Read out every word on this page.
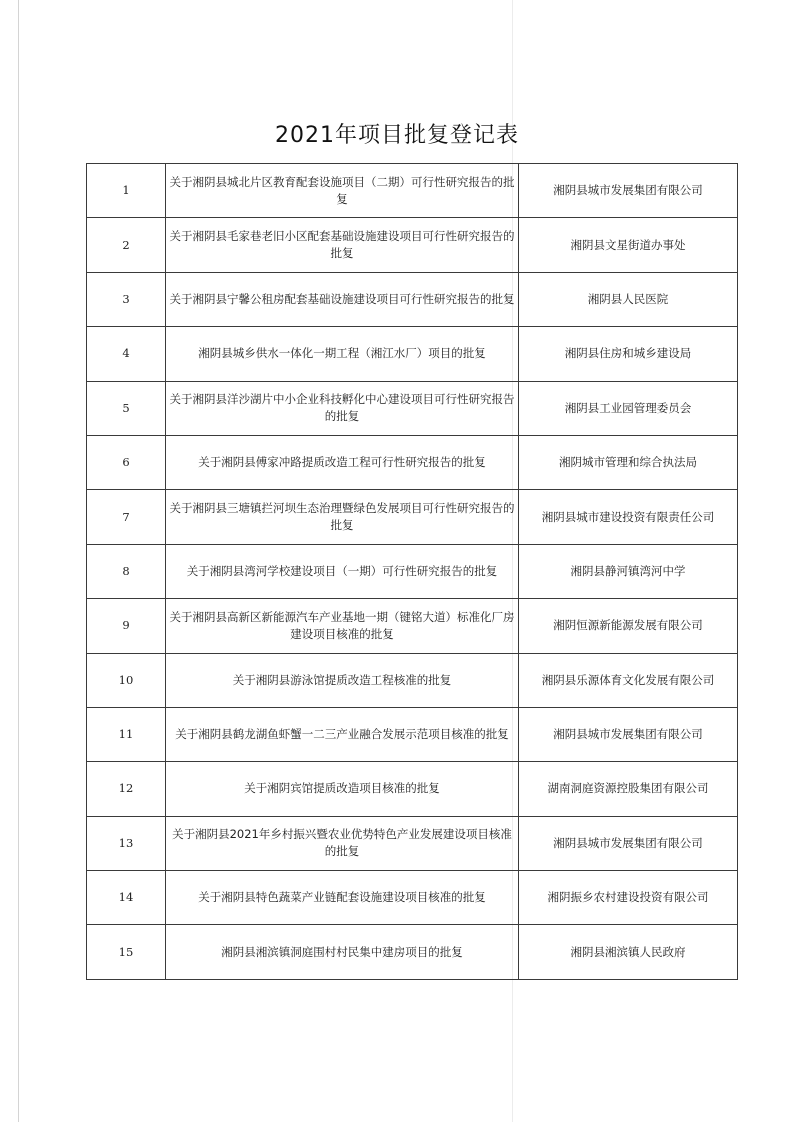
2021年项目批复登记表
1	关于湘阴县城北片区教育配套设施项目（二期）可行性研究报告的批复	湘阴县城市发展集团有限公司
2	关于湘阴县毛家巷老旧小区配套基础设施建设项目可行性研究报告的批复	湘阴县文星街道办事处
3	关于湘阴县宁馨公租房配套基础设施建设项目可行性研究报告的批复	湘阴县人民医院
4	湘阴县城乡供水一体化一期工程（湘江水厂）项目的批复	湘阴县住房和城乡建设局
5	关于湘阴县洋沙湖片中小企业科技孵化中心建设项目可行性研究报告的批复	湘阴县工业园管理委员会
6	关于湘阴县傅家冲路提质改造工程可行性研究报告的批复	湘阴城市管理和综合执法局
7	关于湘阴县三塘镇拦河坝生态治理暨绿色发展项目可行性研究报告的批复	湘阴县城市建设投资有限责任公司
8	关于湘阴县湾河学校建设项目（一期）可行性研究报告的批复	湘阴县静河镇湾河中学
9	关于湘阴县高新区新能源汽车产业基地一期（键铭大道）标准化厂房建设项目核准的批复	湘阴恒源新能源发展有限公司
10	关于湘阴县游泳馆提质改造工程核准的批复	湘阴县乐源体育文化发展有限公司
11	关于湘阴县鹤龙湖鱼虾蟹一二三产业融合发展示范项目核准的批复	湘阴县城市发展集团有限公司
12	关于湘阴宾馆提质改造项目核准的批复	湖南洞庭资源控股集团有限公司
13	关于湘阴县2021年乡村振兴暨农业优势特色产业发展建设项目核准的批复	湘阴县城市发展集团有限公司
14	关于湘阴县特色蔬菜产业链配套设施建设项目核准的批复	湘阴振乡农村建设投资有限公司
15	湘阴县湘滨镇洞庭围村村民集中建房项目的批复	湘阴县湘滨镇人民政府
